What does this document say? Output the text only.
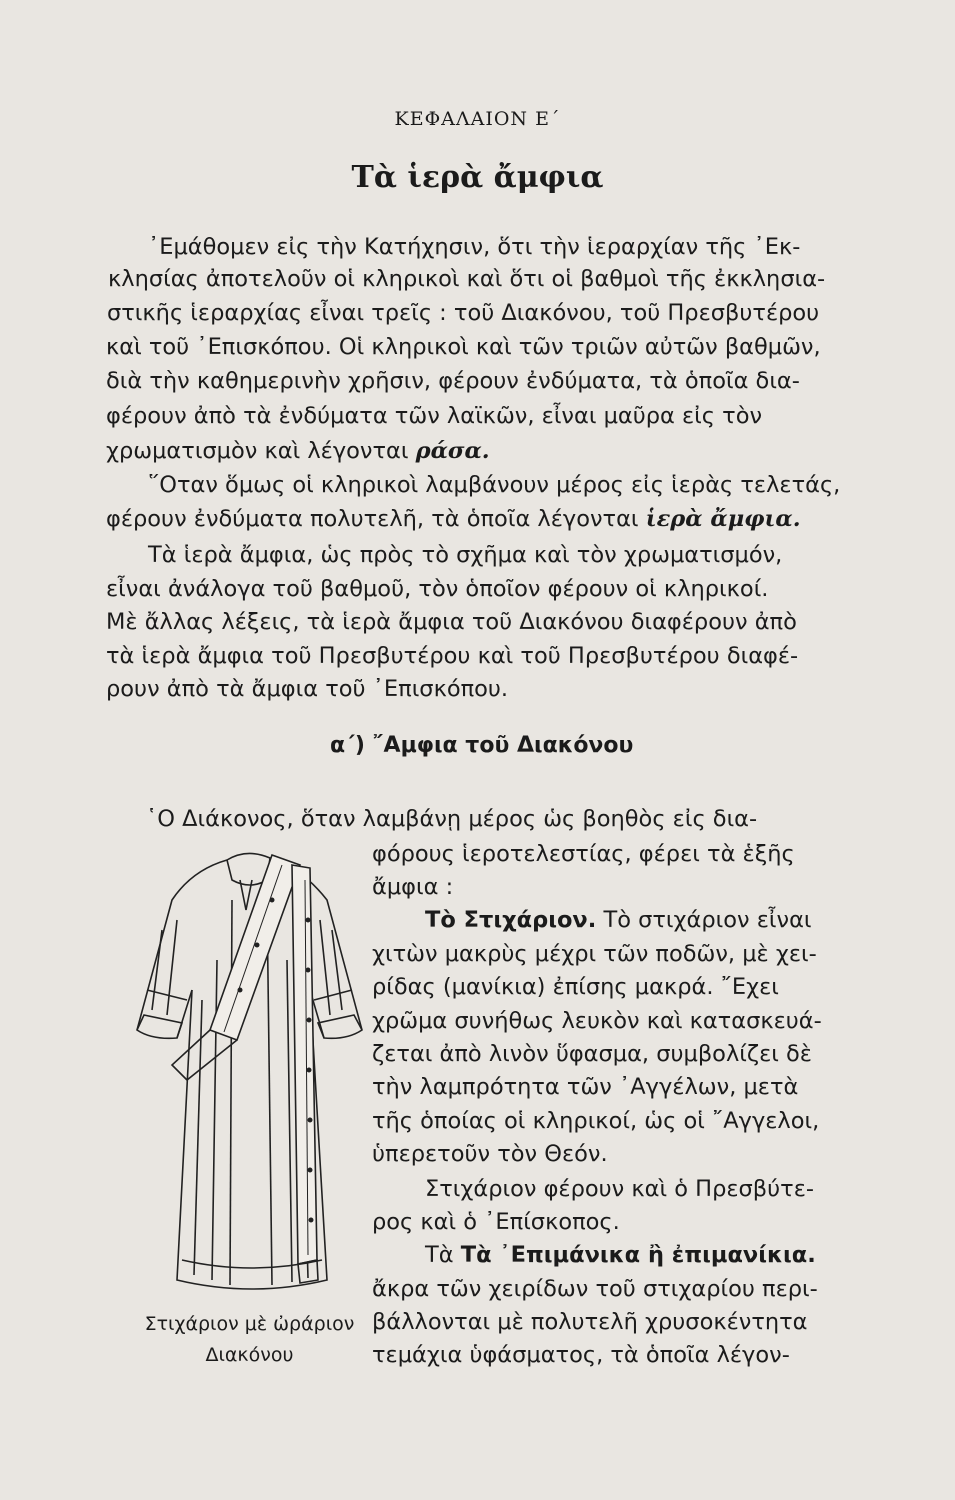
ΚΕΦΑΛΑΙΟΝ Ε΄
Τὰ ἱερὰ ἄμφια
᾿Εμάθομεν εἰς τὴν Κατήχησιν, ὅτι τὴν ἱεραρχίαν τῆς ᾿Εκ-
κλησίας ἀποτελοῦν οἱ κληρικοὶ καὶ ὅτι οἱ βαθμοὶ τῆς ἐκκλησια-
στικῆς ἱεραρχίας εἶναι τρεῖς : τοῦ Διακόνου, τοῦ Πρεσβυτέρου
καὶ τοῦ ᾿Επισκόπου. Οἱ κληρικοὶ καὶ τῶν τριῶν αὐτῶν βαθμῶν,
διὰ τὴν καθημερινὴν χρῆσιν, φέρουν ἐνδύματα, τὰ ὁποῖα δια-
φέρουν ἀπὸ τὰ ἐνδύματα τῶν λαϊκῶν, εἶναι μαῦρα εἰς τὸν
χρωματισμὸν καὶ λέγονται ράσα.
῞Οταν ὅμως οἱ κληρικοὶ λαμβάνουν μέρος εἰς ἱερὰς τελετάς,
φέρουν ἐνδύματα πολυτελῆ, τὰ ὁποῖα λέγονται ἱερὰ ἄμφια.
Τὰ ἱερὰ ἄμφια, ὡς πρὸς τὸ σχῆμα καὶ τὸν χρωματισμόν,
εἶναι ἀνάλογα τοῦ βαθμοῦ, τὸν ὁποῖον φέρουν οἱ κληρικοί.
Μὲ ἄλλας λέξεις, τὰ ἱερὰ ἄμφια τοῦ Διακόνου διαφέρουν ἀπὸ
τὰ ἱερὰ ἄμφια τοῦ Πρεσβυτέρου καὶ τοῦ Πρεσβυτέρου διαφέ-
ρουν ἀπὸ τὰ ἄμφια τοῦ ᾿Επισκόπου.
α΄) ῎Αμφια τοῦ Διακόνου
῾Ο Διάκονος, ὅταν λαμβάνῃ μέρος ὡς βοηθὸς εἰς δια-
φόρους ἱεροτελεστίας, φέρει τὰ ἑξῆς
ἄμφια :
Τὸ Στιχάριον. Τὸ στιχάριον εἶναι
χιτὼν μακρὺς μέχρι τῶν ποδῶν, μὲ χει-
ρίδας (μανίκια) ἐπίσης μακρά. ῎Εχει
χρῶμα συνήθως λευκὸν καὶ κατασκευά-
ζεται ἀπὸ λινὸν ὕφασμα, συμβολίζει δὲ
τὴν λαμπρότητα τῶν ᾿Αγγέλων, μετὰ
τῆς ὁποίας οἱ κληρικοί, ὡς οἱ ῎Αγγελοι,
ὑπερετοῦν τὸν Θεόν.
Στιχάριον φέρουν καὶ ὁ Πρεσβύτε-
ρος καὶ ὁ ᾿Επίσκοπος.
Τὰ Τὰ ᾿Επιμάνικα ἢ ἐπιμανίκια.
ἄκρα τῶν χειρίδων τοῦ στιχαρίου περι-
βάλλονται μὲ πολυτελῆ χρυσοκέντητα
τεμάχια ὑφάσματος, τὰ ὁποῖα λέγον-
Στιχάριον μὲ ὠράριον
Διακόνου
